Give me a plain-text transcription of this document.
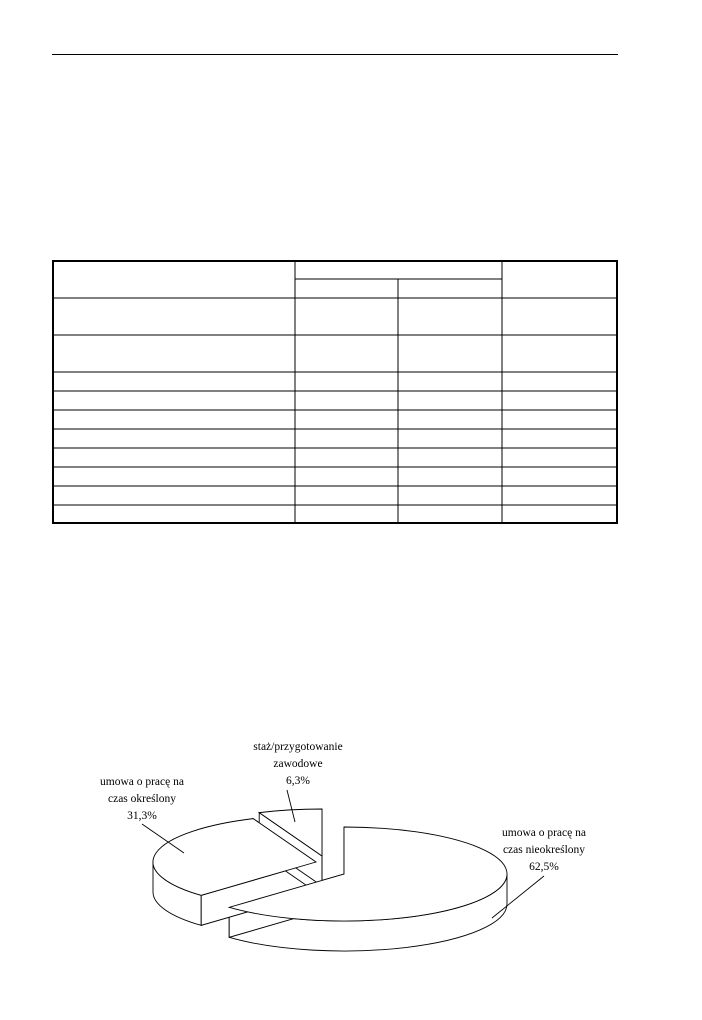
umowa o pracę na
czas nieokreślony
62,5%
umowa o pracę na
czas określony
31,3%
staż/przygotowanie
zawodowe
6,3%
